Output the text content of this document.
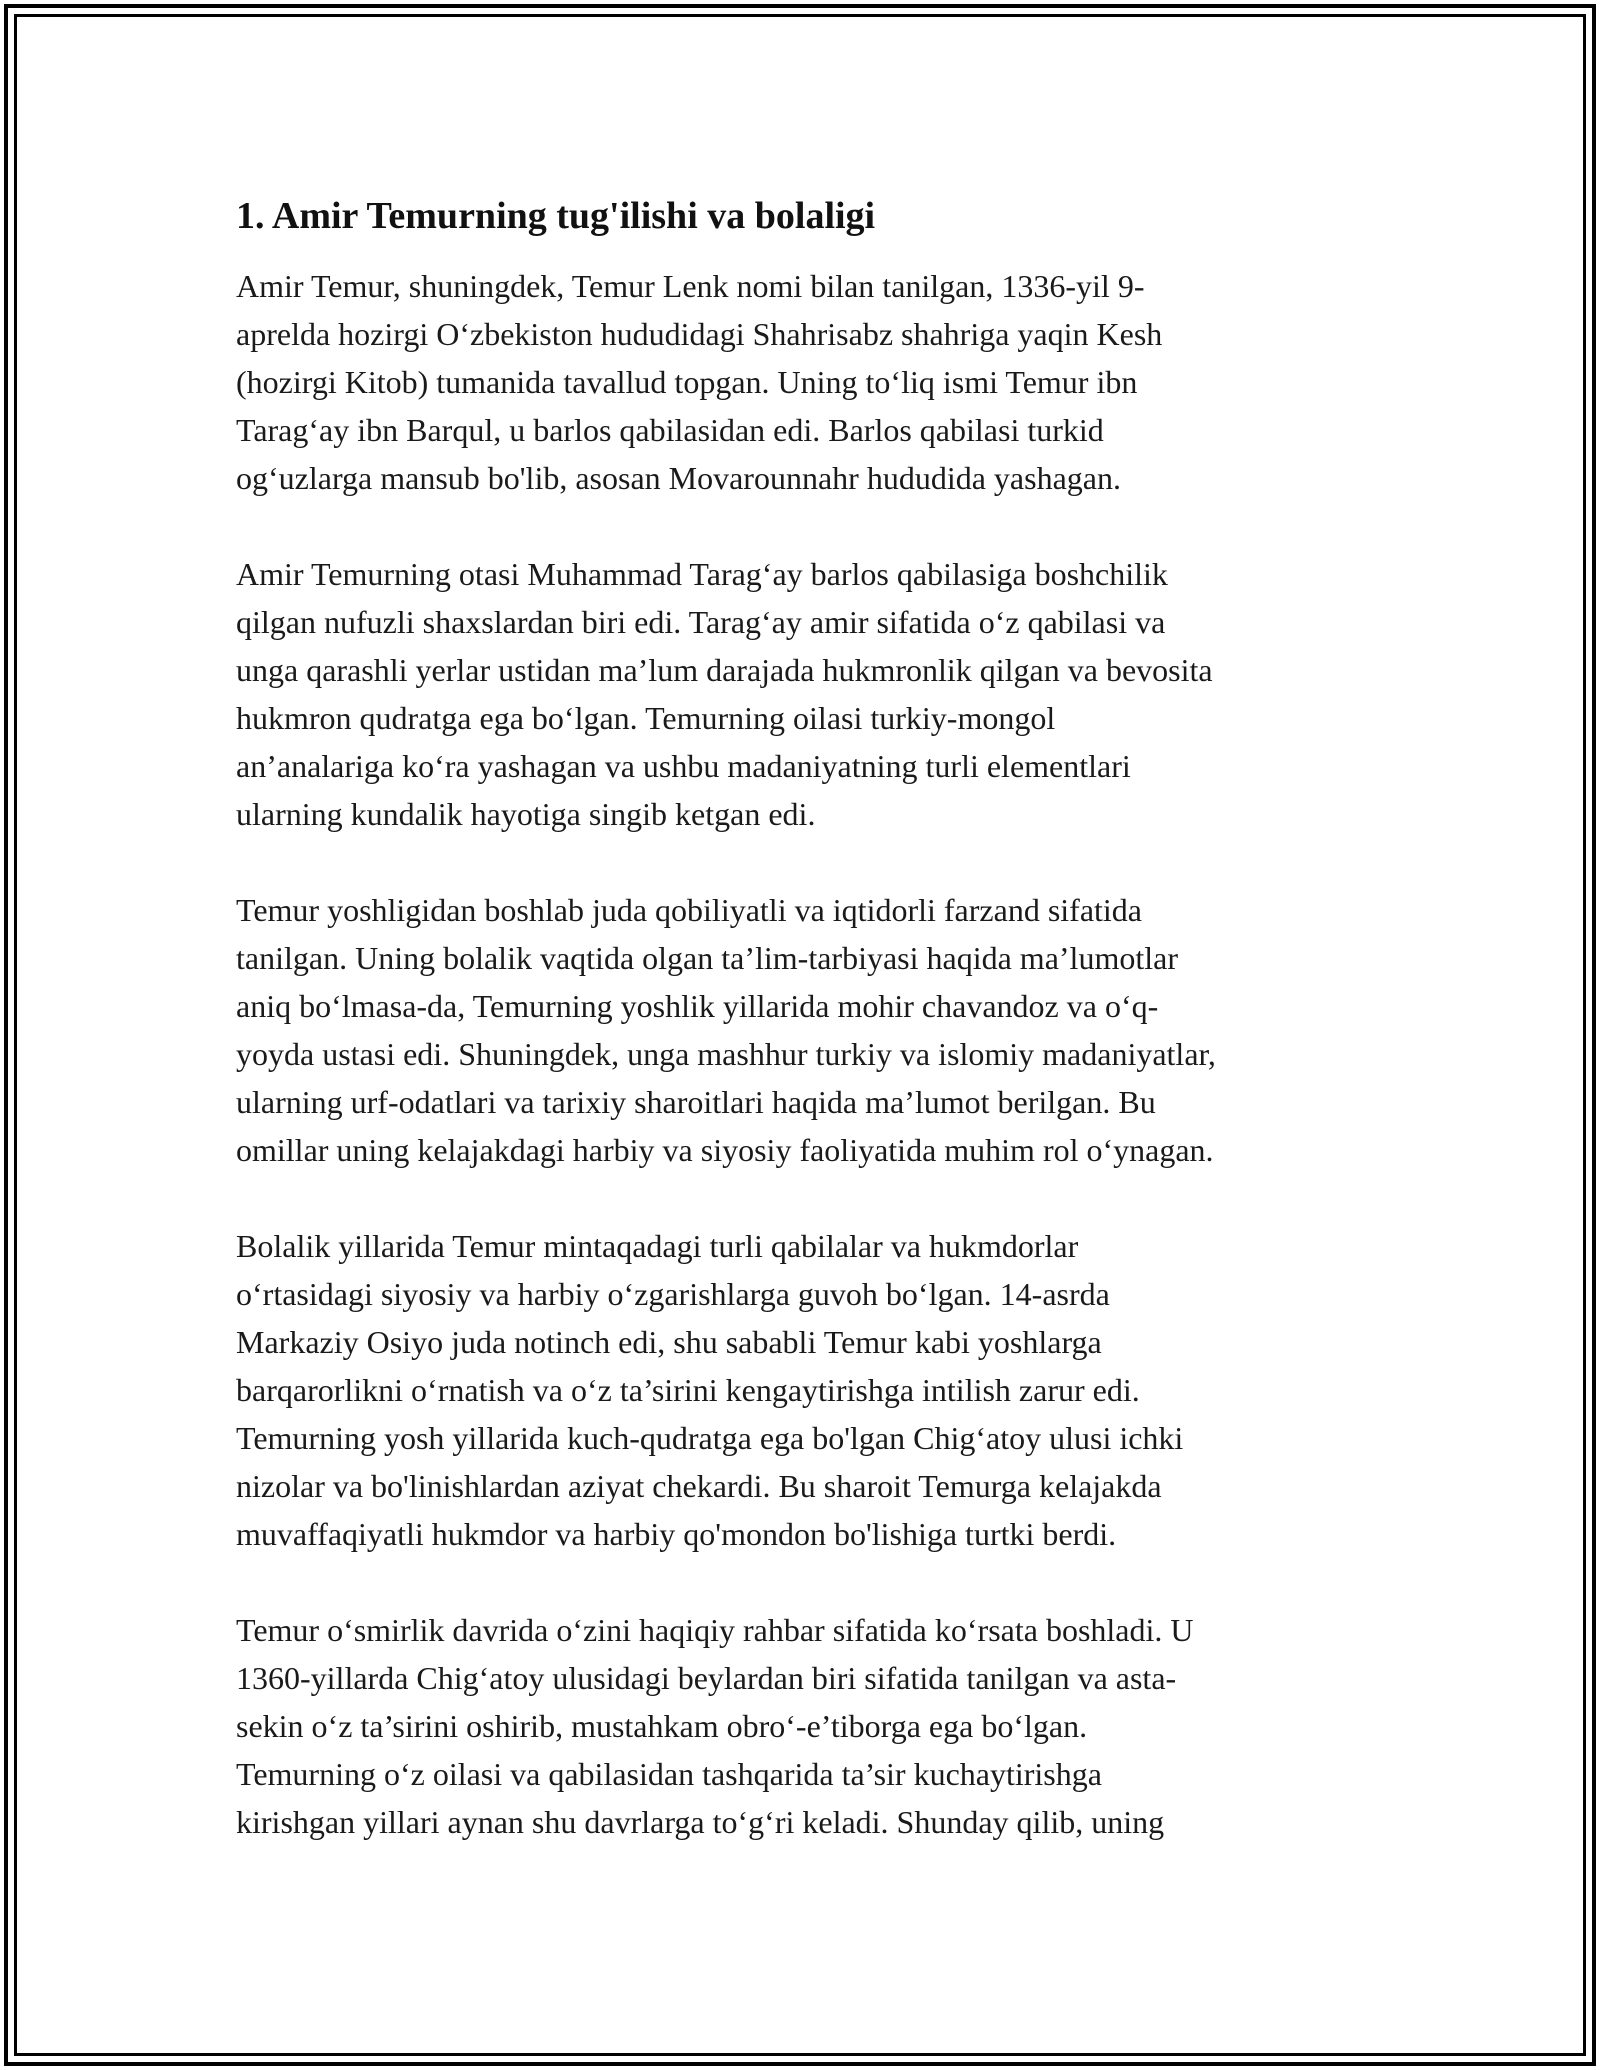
1. Amir Temurning tug'ilishi va bolaligi
Amir Temur, shuningdek, Temur Lenk nomi bilan tanilgan, 1336-yil 9-
aprelda hozirgi O‘zbekiston hududidagi Shahrisabz shahriga yaqin Kesh
(hozirgi Kitob) tumanida tavallud topgan. Uning to‘liq ismi Temur ibn
Tarag‘ay ibn Barqul, u barlos qabilasidan edi. Barlos qabilasi turkid
og‘uzlarga mansub bo'lib, asosan Movarounnahr hududida yashagan.
Amir Temurning otasi Muhammad Tarag‘ay barlos qabilasiga boshchilik
qilgan nufuzli shaxslardan biri edi. Tarag‘ay amir sifatida o‘z qabilasi va
unga qarashli yerlar ustidan ma’lum darajada hukmronlik qilgan va bevosita
hukmron qudratga ega bo‘lgan. Temurning oilasi turkiy-mongol
an’analariga ko‘ra yashagan va ushbu madaniyatning turli elementlari
ularning kundalik hayotiga singib ketgan edi.
Temur yoshligidan boshlab juda qobiliyatli va iqtidorli farzand sifatida
tanilgan. Uning bolalik vaqtida olgan ta’lim-tarbiyasi haqida ma’lumotlar
aniq bo‘lmasa-da, Temurning yoshlik yillarida mohir chavandoz va o‘q-
yoyda ustasi edi. Shuningdek, unga mashhur turkiy va islomiy madaniyatlar,
ularning urf-odatlari va tarixiy sharoitlari haqida ma’lumot berilgan. Bu
omillar uning kelajakdagi harbiy va siyosiy faoliyatida muhim rol o‘ynagan.
Bolalik yillarida Temur mintaqadagi turli qabilalar va hukmdorlar
o‘rtasidagi siyosiy va harbiy o‘zgarishlarga guvoh bo‘lgan. 14-asrda
Markaziy Osiyo juda notinch edi, shu sababli Temur kabi yoshlarga
barqarorlikni o‘rnatish va o‘z ta’sirini kengaytirishga intilish zarur edi.
Temurning yosh yillarida kuch-qudratga ega bo'lgan Chig‘atoy ulusi ichki
nizolar va bo'linishlardan aziyat chekardi. Bu sharoit Temurga kelajakda
muvaffaqiyatli hukmdor va harbiy qo'mondon bo'lishiga turtki berdi.
Temur o‘smirlik davrida o‘zini haqiqiy rahbar sifatida ko‘rsata boshladi. U
1360-yillarda Chig‘atoy ulusidagi beylardan biri sifatida tanilgan va asta-
sekin o‘z ta’sirini oshirib, mustahkam obro‘-e’tiborga ega bo‘lgan.
Temurning o‘z oilasi va qabilasidan tashqarida ta’sir kuchaytirishga
kirishgan yillari aynan shu davrlarga to‘g‘ri keladi. Shunday qilib, uning
